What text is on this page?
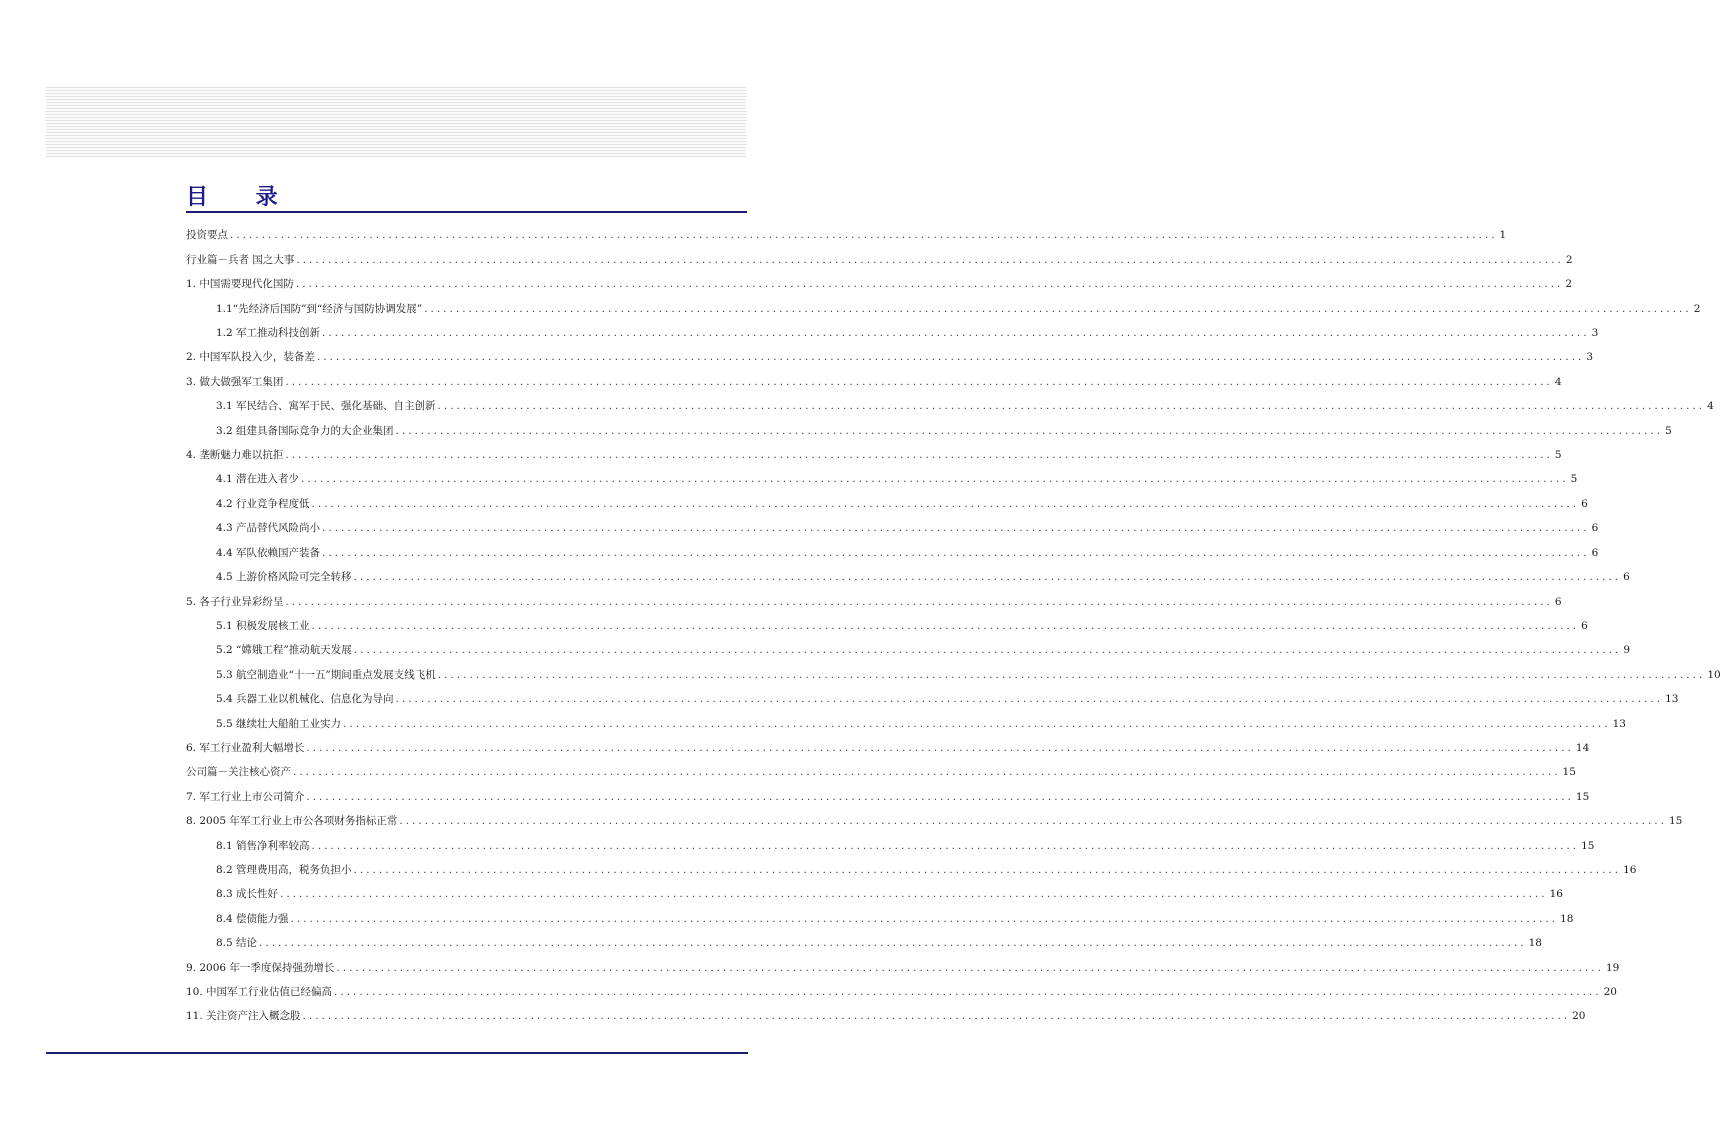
目 录
投资要点 ........................................................................................................................................................................................................ 1
行业篇－兵者 国之大事 ........................................................................................................................................................................................................ 2
1. 中国需要现代化国防 ........................................................................................................................................................................................................ 2
1.1“先经济后国防”到“经济与国防协调发展” ........................................................................................................................................................................................................ 2
1.2 军工推动科技创新 ........................................................................................................................................................................................................ 3
2. 中国军队投入少，装备差 ........................................................................................................................................................................................................ 3
3. 做大做强军工集团 ........................................................................................................................................................................................................ 4
3.1 军民结合、寓军于民、强化基础、自主创新 ........................................................................................................................................................................................................ 4
3.2 组建具备国际竞争力的大企业集团 ........................................................................................................................................................................................................ 5
4. 垄断魅力难以抗拒 ........................................................................................................................................................................................................ 5
4.1 潜在进入者少 ........................................................................................................................................................................................................ 5
4.2 行业竞争程度低 ........................................................................................................................................................................................................ 6
4.3 产品替代风险尚小 ........................................................................................................................................................................................................ 6
4.4 军队依赖国产装备 ........................................................................................................................................................................................................ 6
4.5 上游价格风险可完全转移 ........................................................................................................................................................................................................ 6
5. 各子行业异彩纷呈 ........................................................................................................................................................................................................ 6
5.1 积极发展核工业 ........................................................................................................................................................................................................ 6
5.2 “嫦娥工程”推动航天发展 ........................................................................................................................................................................................................ 9
5.3 航空制造业“十一五”期间重点发展支线飞机 ........................................................................................................................................................................................................ 10
5.4 兵器工业以机械化、信息化为导向 ........................................................................................................................................................................................................ 13
5.5 继续壮大船舶工业实力 ........................................................................................................................................................................................................ 13
6. 军工行业盈利大幅增长 ........................................................................................................................................................................................................ 14
公司篇－关注核心资产 ........................................................................................................................................................................................................ 15
7. 军工行业上市公司简介 ........................................................................................................................................................................................................ 15
8. 2005 年军工行业上市公各项财务指标正常 ........................................................................................................................................................................................................ 15
8.1 销售净利率较高 ........................................................................................................................................................................................................ 15
8.2 管理费用高，税务负担小 ........................................................................................................................................................................................................ 16
8.3 成长性好 ........................................................................................................................................................................................................ 16
8.4 偿债能力强 ........................................................................................................................................................................................................ 18
8.5 结论 ........................................................................................................................................................................................................ 18
9. 2006 年一季度保持强劲增长 ........................................................................................................................................................................................................ 19
10. 中国军工行业估值已经偏高 ........................................................................................................................................................................................................ 20
11. 关注资产注入概念股 ........................................................................................................................................................................................................ 20
